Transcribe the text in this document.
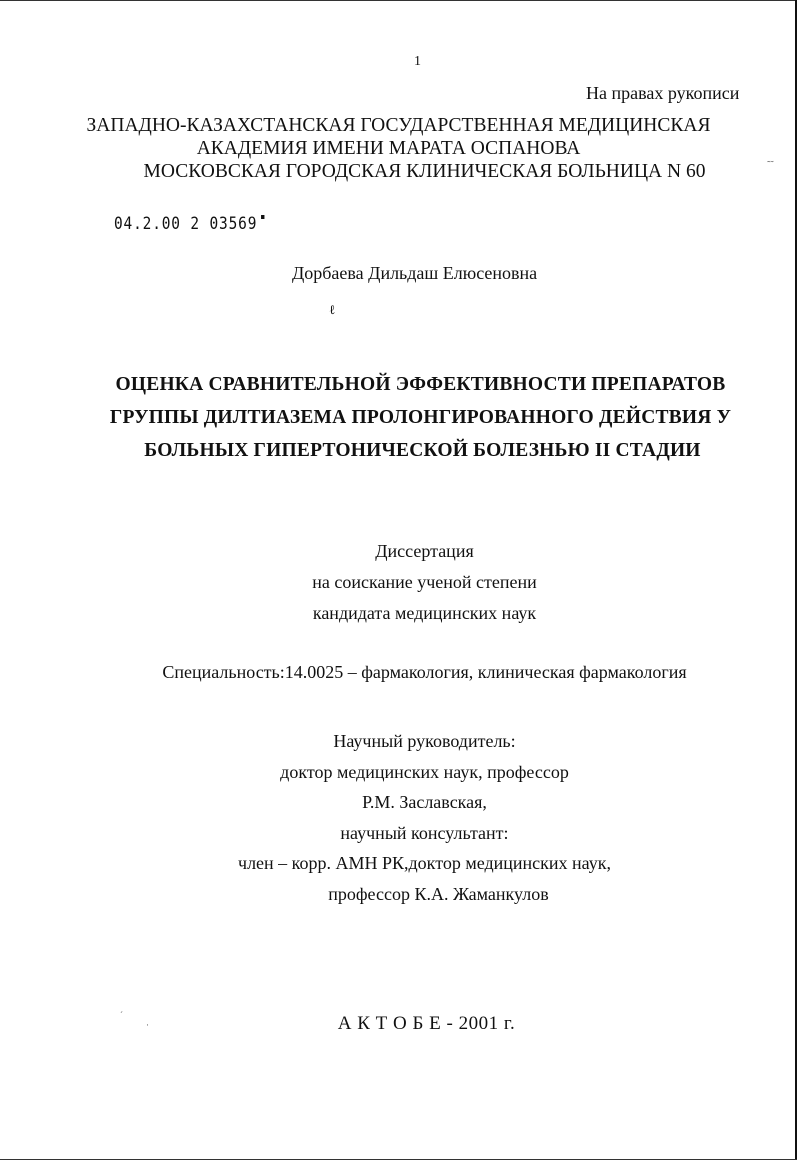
1
На правах рукописи
ЗАПАДНО-КАЗАХСТАНСКАЯ ГОСУДАРСТВЕННАЯ МЕДИЦИНСКАЯ
АКАДЕМИЯ ИМЕНИ МАРАТА ОСПАНОВА
МОСКОВСКАЯ ГОРОДСКАЯ КЛИНИЧЕСКАЯ БОЛЬНИЦА N 60	˜˜
04.2.00 2 03569
Дорбаева Дильдаш Елюсеновна
ℓ
ОЦЕНКА СРАВНИТЕЛЬНОЙ ЭФФЕКТИВНОСТИ ПРЕПАРАТОВ
ГРУППЫ ДИЛТИАЗЕМА ПРОЛОНГИРОВАННОГО ДЕЙСТВИЯ У
БОЛЬНЫХ ГИПЕРТОНИЧЕСКОЙ БОЛЕЗНЬЮ II СТАДИИ
Диссертация
на соискание ученой степени
кандидата медицинских наук
Специальность:14.0025 – фармакология, клиническая фармакология
Научный руководитель:
доктор медицинских наук, профессор
Р.М. Заславская,
научный консультант:
член – корр. АМН РК,доктор медицинских наук,
профессор К.А. Жаманкулов
´
·	А К Т О Б Е - 2001 г.
